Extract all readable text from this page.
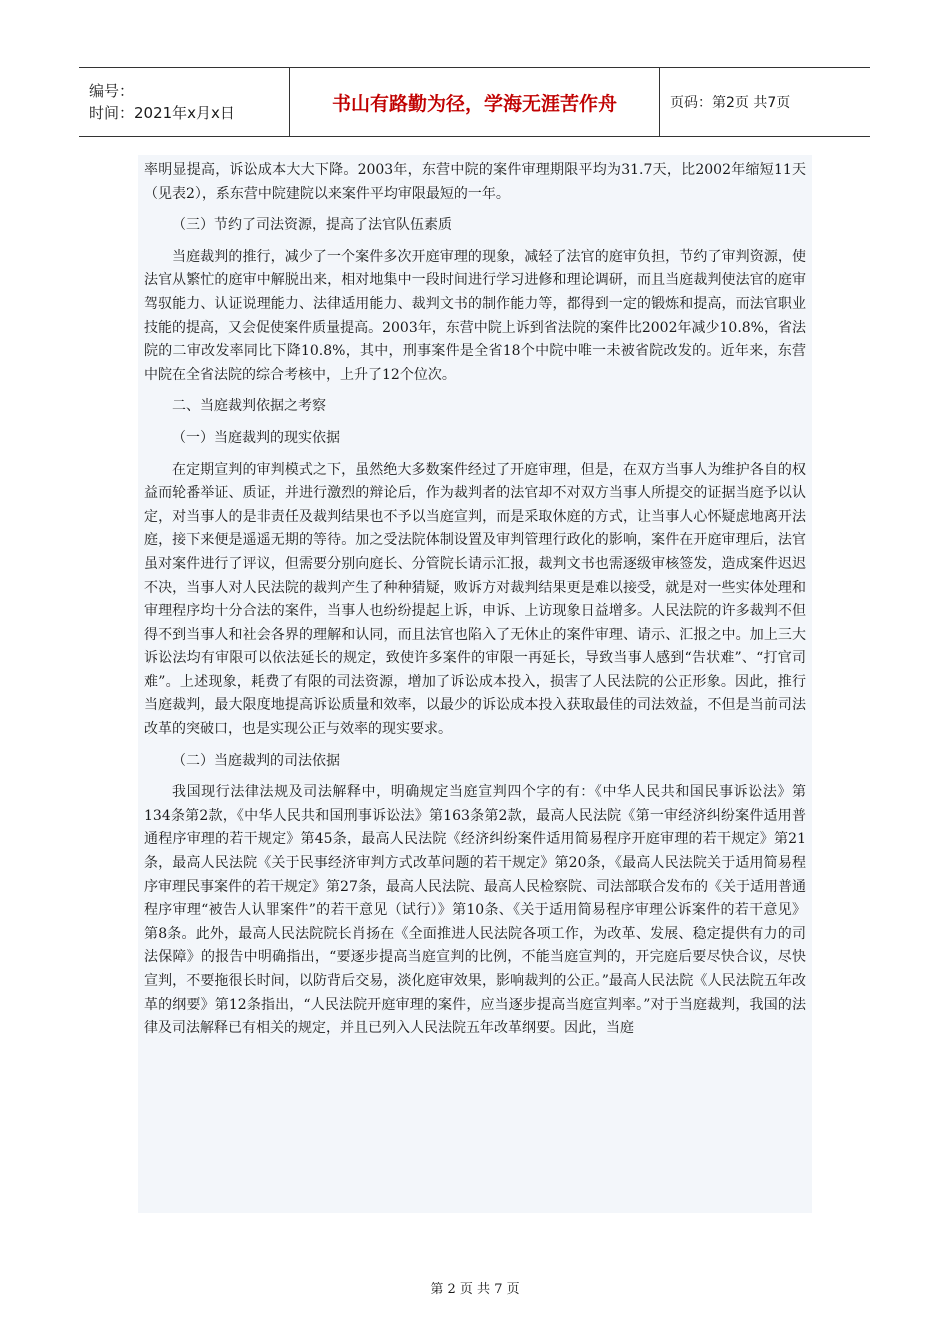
编号：
时间：2021年x月x日	书山有路勤为径，学海无涯苦作舟	页码：第2页 共7页

率明显提高，诉讼成本大大下降。2003年，东营中院的案件审理期限平均为31.7天，比2002年缩短11天（见表2），系东营中院建院以来案件平均审限最短的一年。

（三）节约了司法资源，提高了法官队伍素质

当庭裁判的推行，减少了一个案件多次开庭审理的现象，减轻了法官的庭审负担，节约了审判资源，使法官从繁忙的庭审中解脱出来，相对地集中一段时间进行学习进修和理论调研，而且当庭裁判使法官的庭审驾驭能力、认证说理能力、法律适用能力、裁判文书的制作能力等，都得到一定的锻炼和提高，而法官职业技能的提高，又会促使案件质量提高。2003年，东营中院上诉到省法院的案件比2002年减少10.8%，省法院的二审改发率同比下降10.8%，其中，刑事案件是全省18个中院中唯一未被省院改发的。近年来，东营中院在全省法院的综合考核中，上升了12个位次。

二、当庭裁判依据之考察

（一）当庭裁判的现实依据

在定期宣判的审判模式之下，虽然绝大多数案件经过了开庭审理，但是，在双方当事人为维护各自的权益而轮番举证、质证，并进行激烈的辩论后，作为裁判者的法官却不对双方当事人所提交的证据当庭予以认定，对当事人的是非责任及裁判结果也不予以当庭宣判，而是采取休庭的方式，让当事人心怀疑虑地离开法庭，接下来便是遥遥无期的等待。加之受法院体制设置及审判管理行政化的影响，案件在开庭审理后，法官虽对案件进行了评议，但需要分别向庭长、分管院长请示汇报，裁判文书也需逐级审核签发，造成案件迟迟不决，当事人对人民法院的裁判产生了种种猜疑，败诉方对裁判结果更是难以接受，就是对一些实体处理和审理程序均十分合法的案件，当事人也纷纷提起上诉，申诉、上访现象日益增多。人民法院的许多裁判不但得不到当事人和社会各界的理解和认同，而且法官也陷入了无休止的案件审理、请示、汇报之中。加上三大诉讼法均有审限可以依法延长的规定，致使许多案件的审限一再延长，导致当事人感到“告状难”、“打官司难”。上述现象，耗费了有限的司法资源，增加了诉讼成本投入，损害了人民法院的公正形象。因此，推行当庭裁判，最大限度地提高诉讼质量和效率，以最少的诉讼成本投入获取最佳的司法效益，不但是当前司法改革的突破口，也是实现公正与效率的现实要求。

（二）当庭裁判的司法依据

我国现行法律法规及司法解释中，明确规定当庭宣判四个字的有：《中华人民共和国民事诉讼法》第134条第2款，《中华人民共和国刑事诉讼法》第163条第2款，最高人民法院《第一审经济纠纷案件适用普通程序审理的若干规定》第45条，最高人民法院《经济纠纷案件适用简易程序开庭审理的若干规定》第21条，最高人民法院《关于民事经济审判方式改革问题的若干规定》第20条，《最高人民法院关于适用简易程序审理民事案件的若干规定》第27条，最高人民法院、最高人民检察院、司法部联合发布的《关于适用普通程序审理“被告人认罪案件”的若干意见（试行）》第10条、《关于适用简易程序审理公诉案件的若干意见》第8条。此外，最高人民法院院长肖扬在《全面推进人民法院各项工作，为改革、发展、稳定提供有力的司法保障》的报告中明确指出，“要逐步提高当庭宣判的比例，不能当庭宣判的，开完庭后要尽快合议，尽快宣判，不要拖很长时间，以防背后交易，淡化庭审效果，影响裁判的公正。”最高人民法院《人民法院五年改革的纲要》第12条指出，“人民法院开庭审理的案件，应当逐步提高当庭宣判率。”对于当庭裁判，我国的法律及司法解释已有相关的规定，并且已列入人民法院五年改革纲要。因此，当庭

第 2 页 共 7 页
